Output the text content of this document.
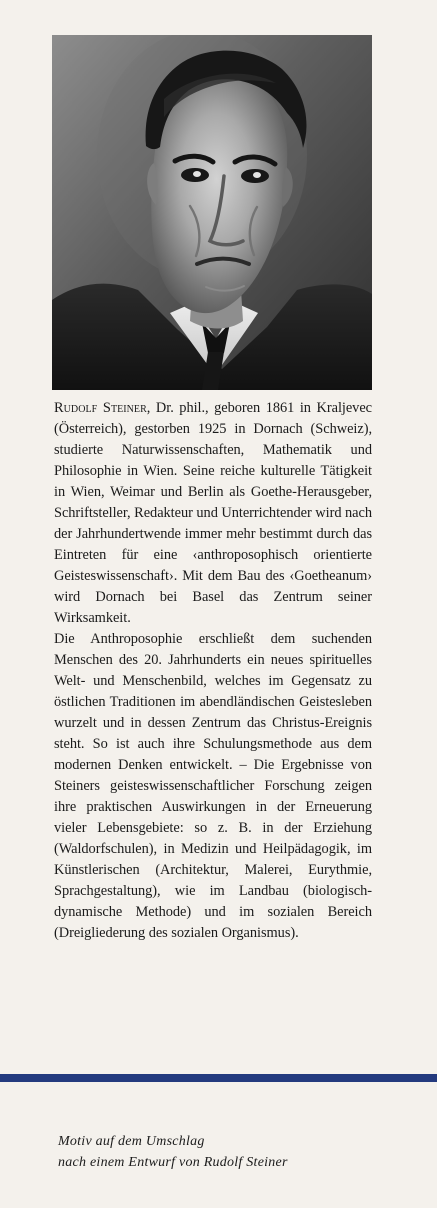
Rudolf Steiner, Dr. phil., geboren 1861 in Kraljevec (Österreich), gestorben 1925 in Dornach (Schweiz), studierte Naturwissenschaften, Mathematik und Philosophie in Wien. Seine reiche kulturelle Tätigkeit in Wien, Weimar und Berlin als Goethe-Herausgeber, Schriftsteller, Redakteur und Unterrichtender wird nach der Jahrhundertwende immer mehr bestimmt durch das Eintreten für eine ‹anthroposophisch orientierte Geisteswissenschaft›. Mit dem Bau des ‹Goetheanum› wird Dornach bei Basel das Zentrum seiner Wirksamkeit.

Die Anthroposophie erschließt dem suchenden Menschen des 20. Jahrhunderts ein neues spirituelles Welt- und Menschenbild, welches im Gegensatz zu östlichen Traditionen im abendländischen Geistesleben wurzelt und in dessen Zentrum das Christus-Ereignis steht. So ist auch ihre Schulungsmethode aus dem modernen Denken entwickelt. – Die Ergebnisse von Steiners geisteswissenschaftlicher Forschung zeigen ihre praktischen Auswirkungen in der Erneuerung vieler Lebensgebiete: so z. B. in der Erziehung (Waldorfschulen), in Medizin und Heilpädagogik, im Künstlerischen (Architektur, Malerei, Eurythmie, Sprachgestaltung), wie im Landbau (biologisch-dynamische Methode) und im sozialen Bereich (Dreigliederung des sozialen Organismus).

Motiv auf dem Umschlag
nach einem Entwurf von Rudolf Steiner
